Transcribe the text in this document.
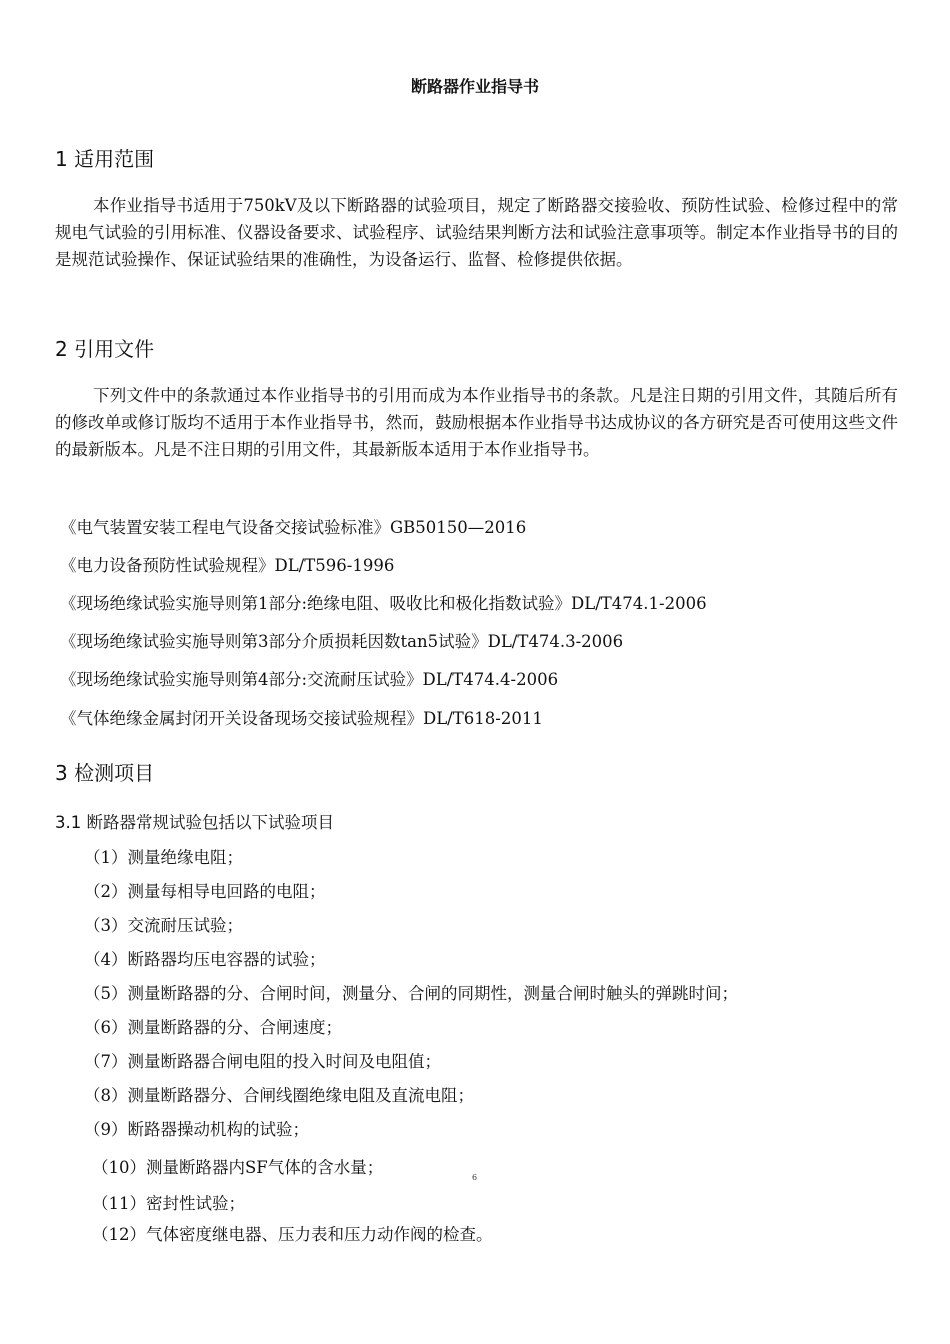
断路器作业指导书
1 适用范围

本作业指导书适用于750kV及以下断路器的试验项目，规定了断路器交接验收、预防性试验、检修过程中的常规电气试验的引用标准、仪器设备要求、试验程序、试验结果判断方法和试验注意事项等。制定本作业指导书的目的是规范试验操作、保证试验结果的准确性，为设备运行、监督、检修提供依据。

2 引用文件

下列文件中的条款通过本作业指导书的引用而成为本作业指导书的条款。凡是注日期的引用文件，其随后所有的修改单或修订版均不适用于本作业指导书，然而，鼓励根据本作业指导书达成协议的各方研究是否可使用这些文件的最新版本。凡是不注日期的引用文件，其最新版本适用于本作业指导书。

《电气装置安装工程电气设备交接试验标准》GB50150—2016
《电力设备预防性试验规程》DL/T596-1996
《现场绝缘试验实施导则第1部分:绝缘电阻、吸收比和极化指数试验》DL/T474.1-2006
《现场绝缘试验实施导则第3部分介质损耗因数tan5试验》DL/T474.3-2006
《现场绝缘试验实施导则第4部分:交流耐压试验》DL/T474.4-2006
《气体绝缘金属封闭开关设备现场交接试验规程》DL/T618-2011
3 检测项目
3.1 断路器常规试验包括以下试验项目
（1）测量绝缘电阻；
（2）测量每相导电回路的电阻；
（3）交流耐压试验；
（4）断路器均压电容器的试验；
（5）测量断路器的分、合闸时间，测量分、合闸的同期性，测量合闸时触头的弹跳时间；
（6）测量断路器的分、合闸速度；
（7）测量断路器合闸电阻的投入时间及电阻值；
（8）测量断路器分、合闸线圈绝缘电阻及直流电阻；
（9）断路器操动机构的试验；
（10）测量断路器内SF气体的含水量；
（11）密封性试验；
（12）气体密度继电器、压力表和压力动作阀的检查。
6
